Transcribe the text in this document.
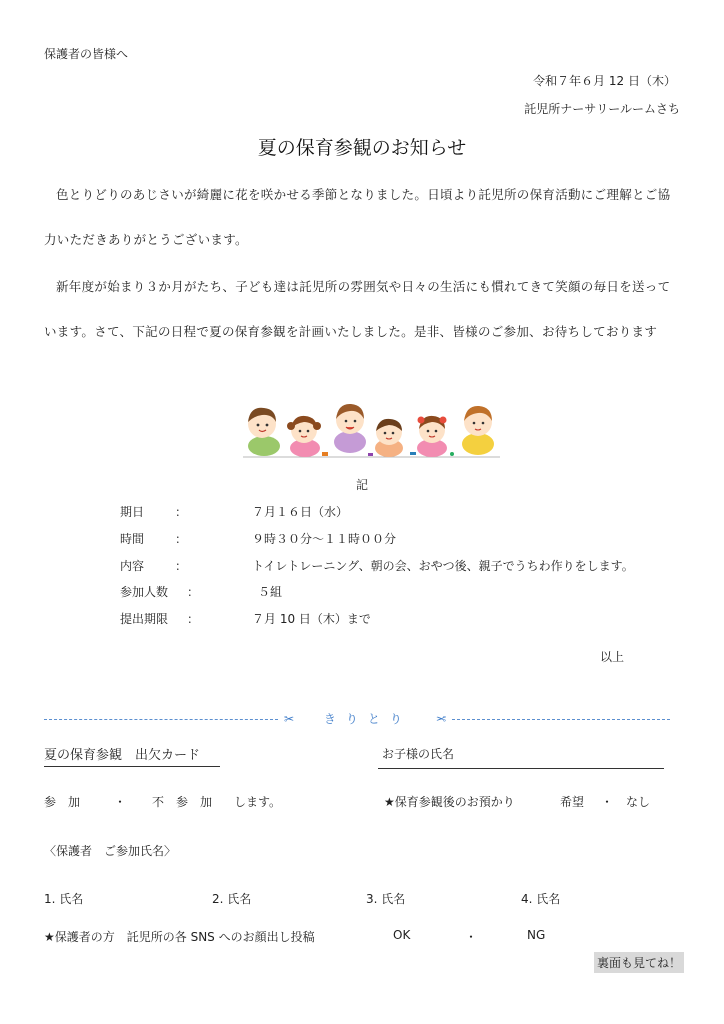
保護者の皆様へ
令和７年６月 12 日（木）
託児所ナーサリールームさち
夏の保育参観のお知らせ
色とりどりのあじさいが綺麗に花を咲かせる季節となりました。日頃より託児所の保育活動にご理解とご協力いただきありがとうございます。
新年度が始まり３か月がたち、子ども達は託児所の雰囲気や日々の生活にも慣れてきて笑顔の毎日を送っています。さて、下記の日程で夏の保育参観を計画いたしました。是非、皆様のご参加、お待ちしております
記
期日	：	７月１６日（水）
時間	：	９時３０分～１１時００分
内容	：	トイレトレーニング、朝の会、おやつ後、親子でうちわ作りをします。
参加人数 ：	５組
提出期限 ：	７月 10 日（木）まで
以上
✂ きりとり ✂
夏の保育参観　出欠カード	お子様の氏名
参　加	・ 不　参　加 します。	★保育参観後のお預かり	希望 ・ なし
〈保護者　ご参加氏名〉
1. 氏名	2. 氏名	3. 氏名	4. 氏名
★保護者の方　託児所の各 SNS へのお顔出し投稿	OK	・	NG
裏面も見てね！
